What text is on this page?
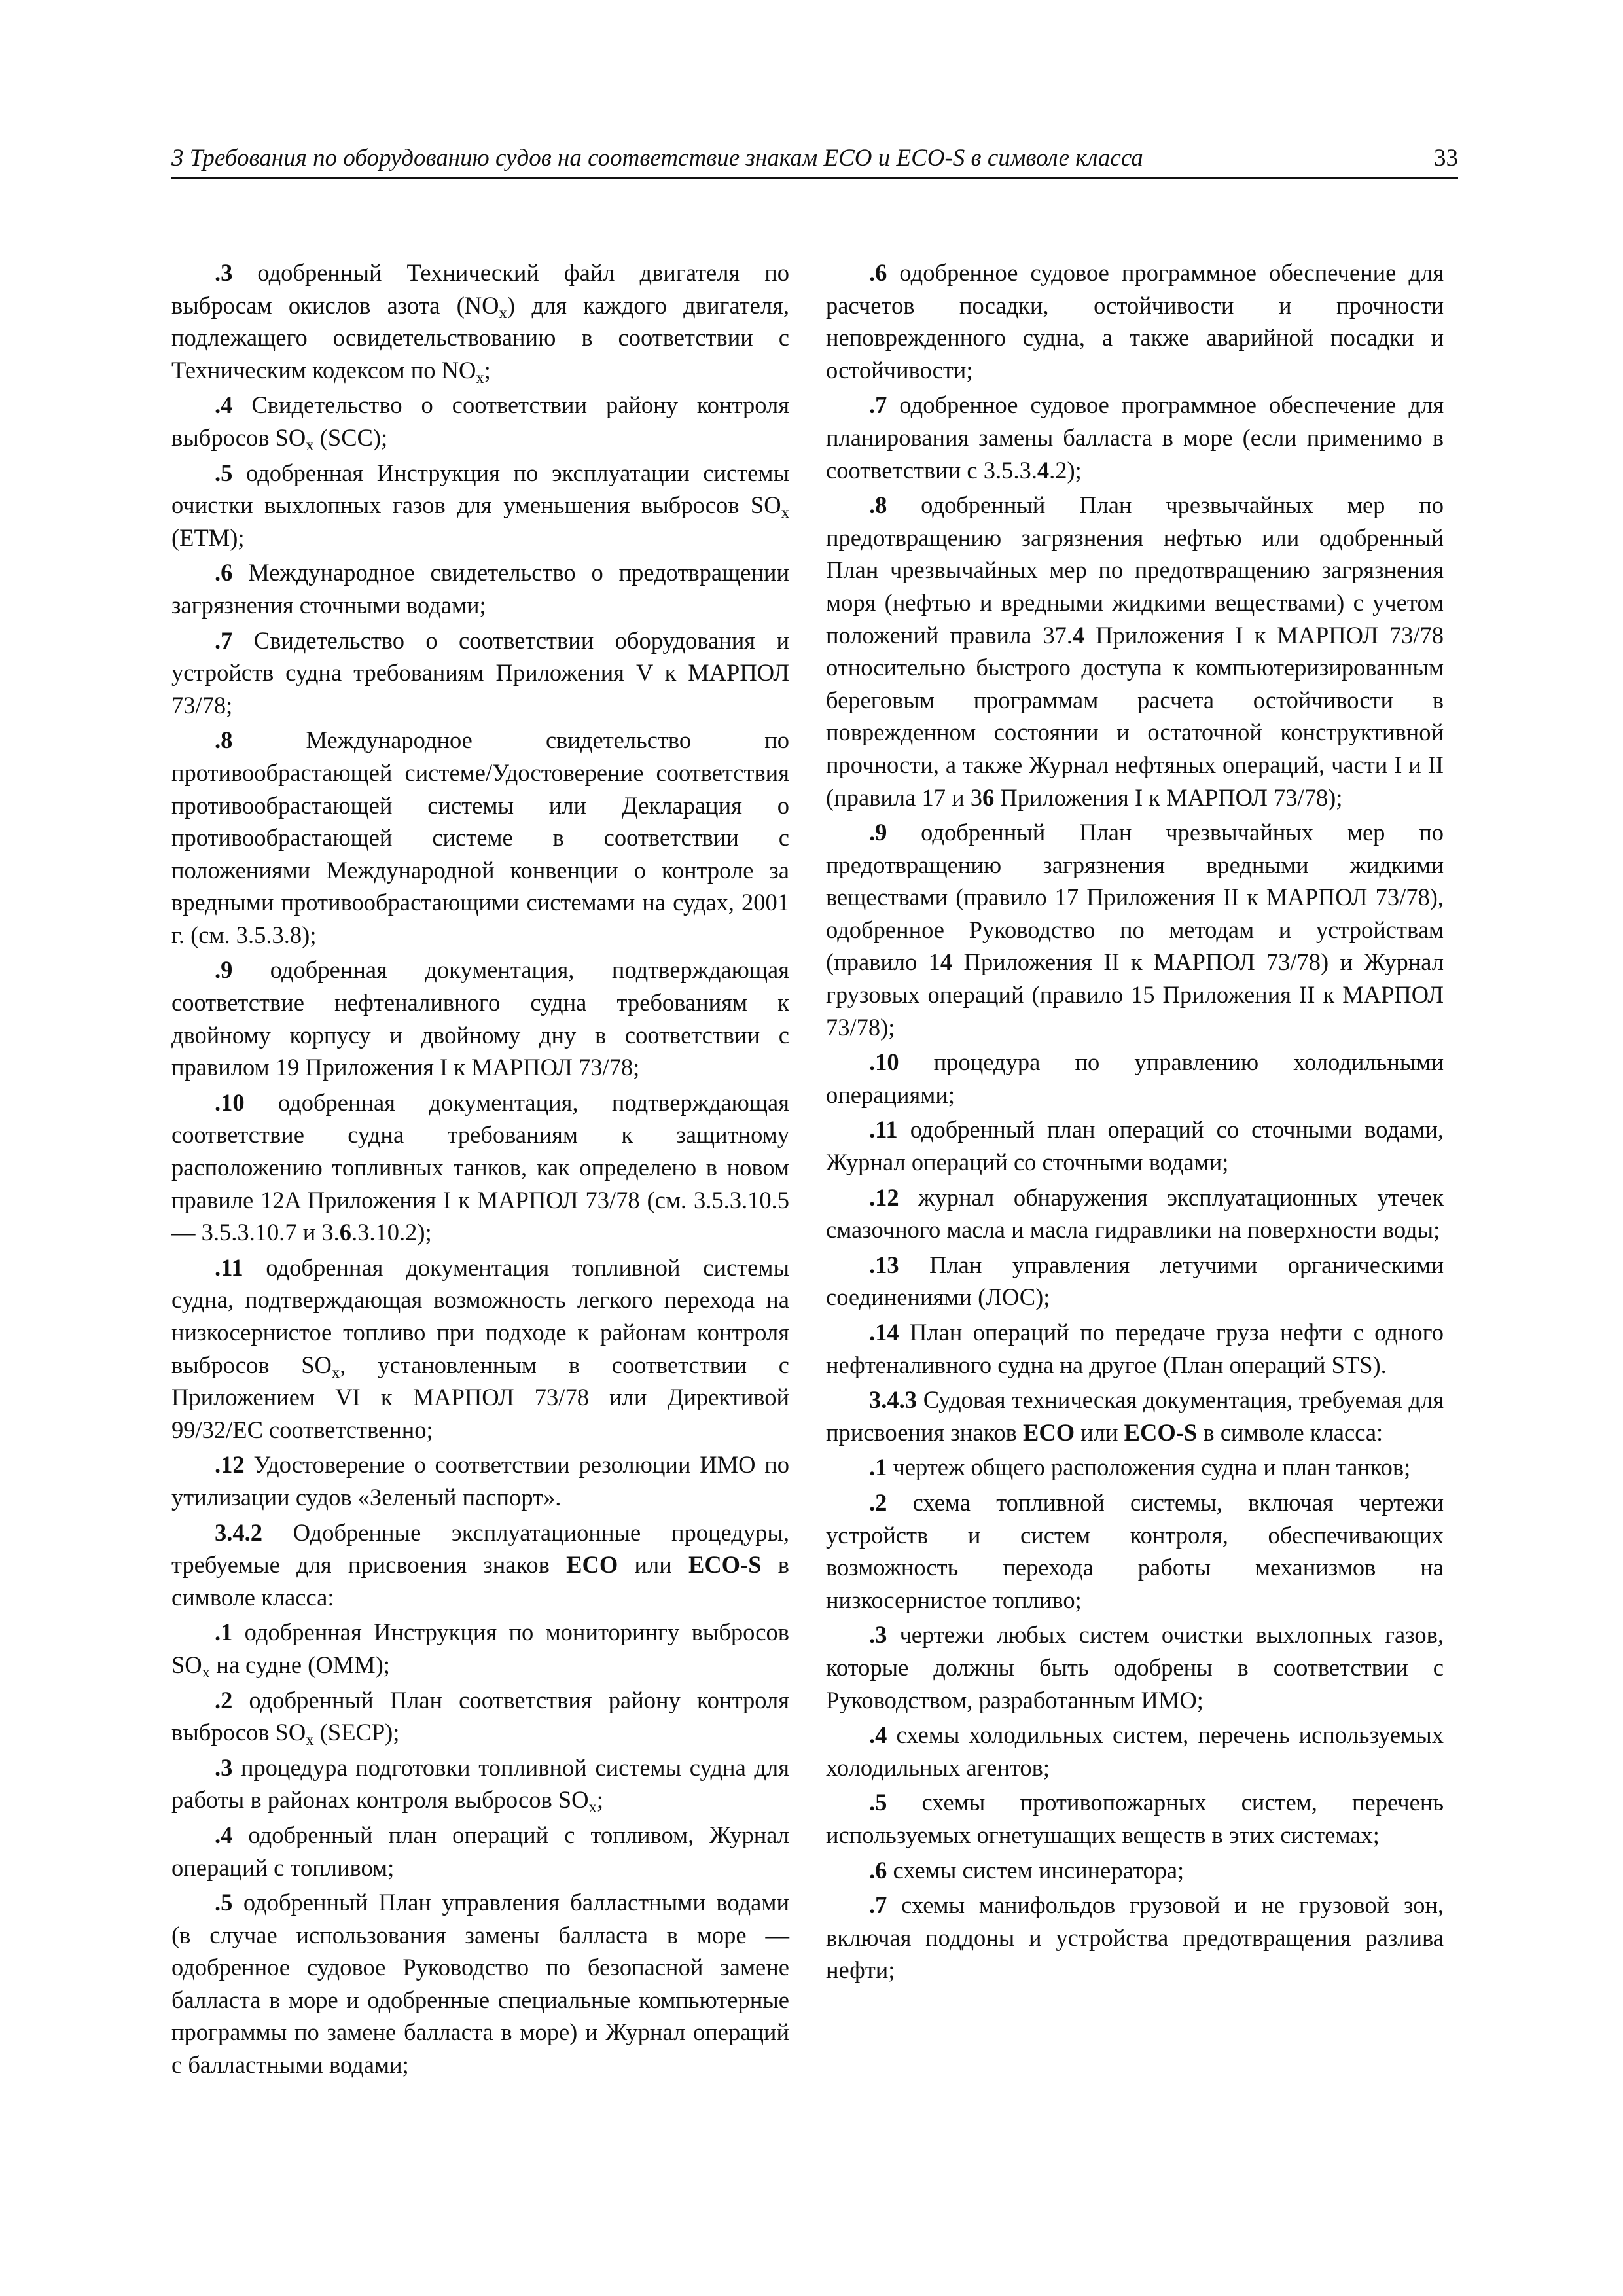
3 Требования по оборудованию судов на соответствие знакам ECO и ECO-S в символе класса	33

.3 одобренный Технический файл двигателя по выбросам окислов азота $(NO_x)$ для каждого двигателя, подлежащего освидетельствованию в соответствии с Техническим кодексом по $NO_x$;

.4 Свидетельство о соответствии району контроля выбросов $SO_x$ (SCC);

.5 одобренная Инструкция по эксплуатации системы очистки выхлопных газов для уменьшения выбросов $SO_x$ (ETM);

.6 Международное свидетельство о предотвращении загрязнения сточными водами;

.7 Свидетельство о соответствии оборудования и устройств судна требованиям Приложения V к МАРПОЛ 73/78;

.8 Международное свидетельство по противообрастающей системе/Удостоверение соответствия противообрастающей системы или Декларация о противообрастающей системе в соответствии с положениями Международной конвенции о контроле за вредными противообрастающими системами на судах, 2001 г. (см. 3.5.3.8);

.9 одобренная документация, подтверждающая соответствие нефтеналивного судна требованиям к двойному корпусу и двойному дну в соответствии с правилом 19 Приложения I к МАРПОЛ 73/78;

.10 одобренная документация, подтверждающая соответствие судна требованиям к защитному расположению топливных танков, как определено в новом правиле 12A Приложения I к МАРПОЛ 73/78 (см. 3.5.3.10.5 — 3.5.3.10.7 и 3.6.3.10.2);

.11 одобренная документация топливной системы судна, подтверждающая возможность легкого перехода на низкосернистое топливо при подходе к районам контроля выбросов $SO_x$, установленным в соответствии с Приложением VI к МАРПОЛ 73/78 или Директивой 99/32/EC соответственно;

.12 Удостоверение о соответствии резолюции ИМО по утилизации судов «Зеленый паспорт».

3.4.2 Одобренные эксплуатационные процедуры, требуемые для присвоения знаков ECO или ECO-S в символе класса:

.1 одобренная Инструкция по мониторингу выбросов $SO_x$ на судне (OMM);

.2 одобренный План соответствия району контроля выбросов $SO_x$ (SECP);

.3 процедура подготовки топливной системы судна для работы в районах контроля выбросов $SO_x$;

.4 одобренный план операций с топливом, Журнал операций с топливом;

.5 одобренный План управления балластными водами (в случае использования замены балласта в море — одобренное судовое Руководство по безопасной замене балласта в море и одобренные специальные компьютерные программы по замене балласта в море) и Журнал операций с балластными водами;

.6 одобренное судовое программное обеспечение для расчетов посадки, остойчивости и прочности неповрежденного судна, а также аварийной посадки и остойчивости;

.7 одобренное судовое программное обеспечение для планирования замены балласта в море (если применимо в соответствии с 3.5.3.4.2);

.8 одобренный План чрезвычайных мер по предотвращению загрязнения нефтью или одобренный План чрезвычайных мер по предотвращению загрязнения моря (нефтью и вредными жидкими веществами) с учетом положений правила 37.4 Приложения I к МАРПОЛ 73/78 относительно быстрого доступа к компьютеризированным береговым программам расчета остойчивости в поврежденном состоянии и остаточной конструктивной прочности, а также Журнал нефтяных операций, части I и II (правила 17 и 36 Приложения I к МАРПОЛ 73/78);

.9 одобренный План чрезвычайных мер по предотвращению загрязнения вредными жидкими веществами (правило 17 Приложения II к МАРПОЛ 73/78), одобренное Руководство по методам и устройствам (правило 14 Приложения II к МАРПОЛ 73/78) и Журнал грузовых операций (правило 15 Приложения II к МАРПОЛ 73/78);

.10 процедура по управлению холодильными операциями;

.11 одобренный план операций со сточными водами, Журнал операций со сточными водами;

.12 журнал обнаружения эксплуатационных утечек смазочного масла и масла гидравлики на поверхности воды;

.13 План управления летучими органическими соединениями (ЛОС);

.14 План операций по передаче груза нефти с одного нефтеналивного судна на другое (План операций STS).

3.4.3 Судовая техническая документация, требуемая для присвоения знаков ECO или ECO-S в символе класса:

.1 чертеж общего расположения судна и план танков;

.2 схема топливной системы, включая чертежи устройств и систем контроля, обеспечивающих возможность перехода работы механизмов на низкосернистое топливо;

.3 чертежи любых систем очистки выхлопных газов, которые должны быть одобрены в соответствии с Руководством, разработанным ИМО;

.4 схемы холодильных систем, перечень используемых холодильных агентов;

.5 схемы противопожарных систем, перечень используемых огнетушащих веществ в этих системах;

.6 схемы систем инсинератора;

.7 схемы манифольдов грузовой и не грузовой зон, включая поддоны и устройства предотвращения разлива нефти;
